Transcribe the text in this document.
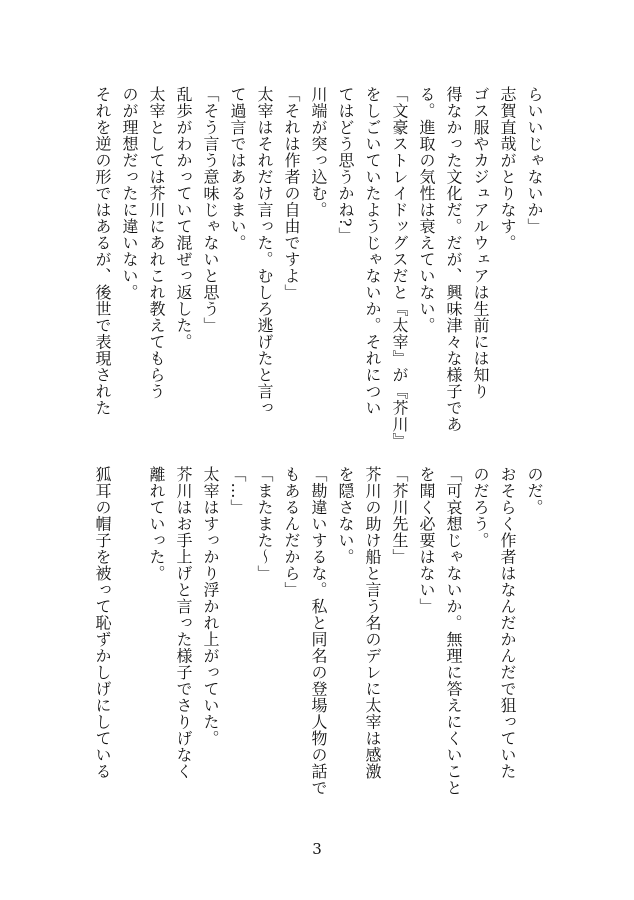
らいいじゃないか」
志賀直哉がとりなす。
ゴス服やカジュアルウェアは生前には知り
得なかった文化だ。だが、興味津々な様子であ
る。進取の気性は衰えていない。
「文豪ストレイドッグスだと『太宰』が『芥川』
をしごいていたようじゃないか。それについ
てはどう思うかね?」
川端が突っ込む。
「それは作者の自由ですよ」
太宰はそれだけ言った。むしろ逃げたと言っ
て過言ではあるまい。
「そう言う意味じゃないと思う」
乱歩がわかっていて混ぜっ返した。
太宰としては芥川にあれこれ教えてもらう
のが理想だったに違いない。
それを逆の形ではあるが、後世で表現された
のだ。
おそらく作者はなんだかんだで狙っていた
のだろう。
「可哀想じゃないか。無理に答えにくいこと
を聞く必要はない」
「芥川先生」
芥川の助け船と言う名のデレに太宰は感激
を隠さない。
「勘違いするな。私と同名の登場人物の話で
もあるんだから」
「またまた〜」
「…」
太宰はすっかり浮かれ上がっていた。
芥川はお手上げと言った様子でさりげなく
離れていった。
狐耳の帽子を被って恥ずかしげにしている
3
